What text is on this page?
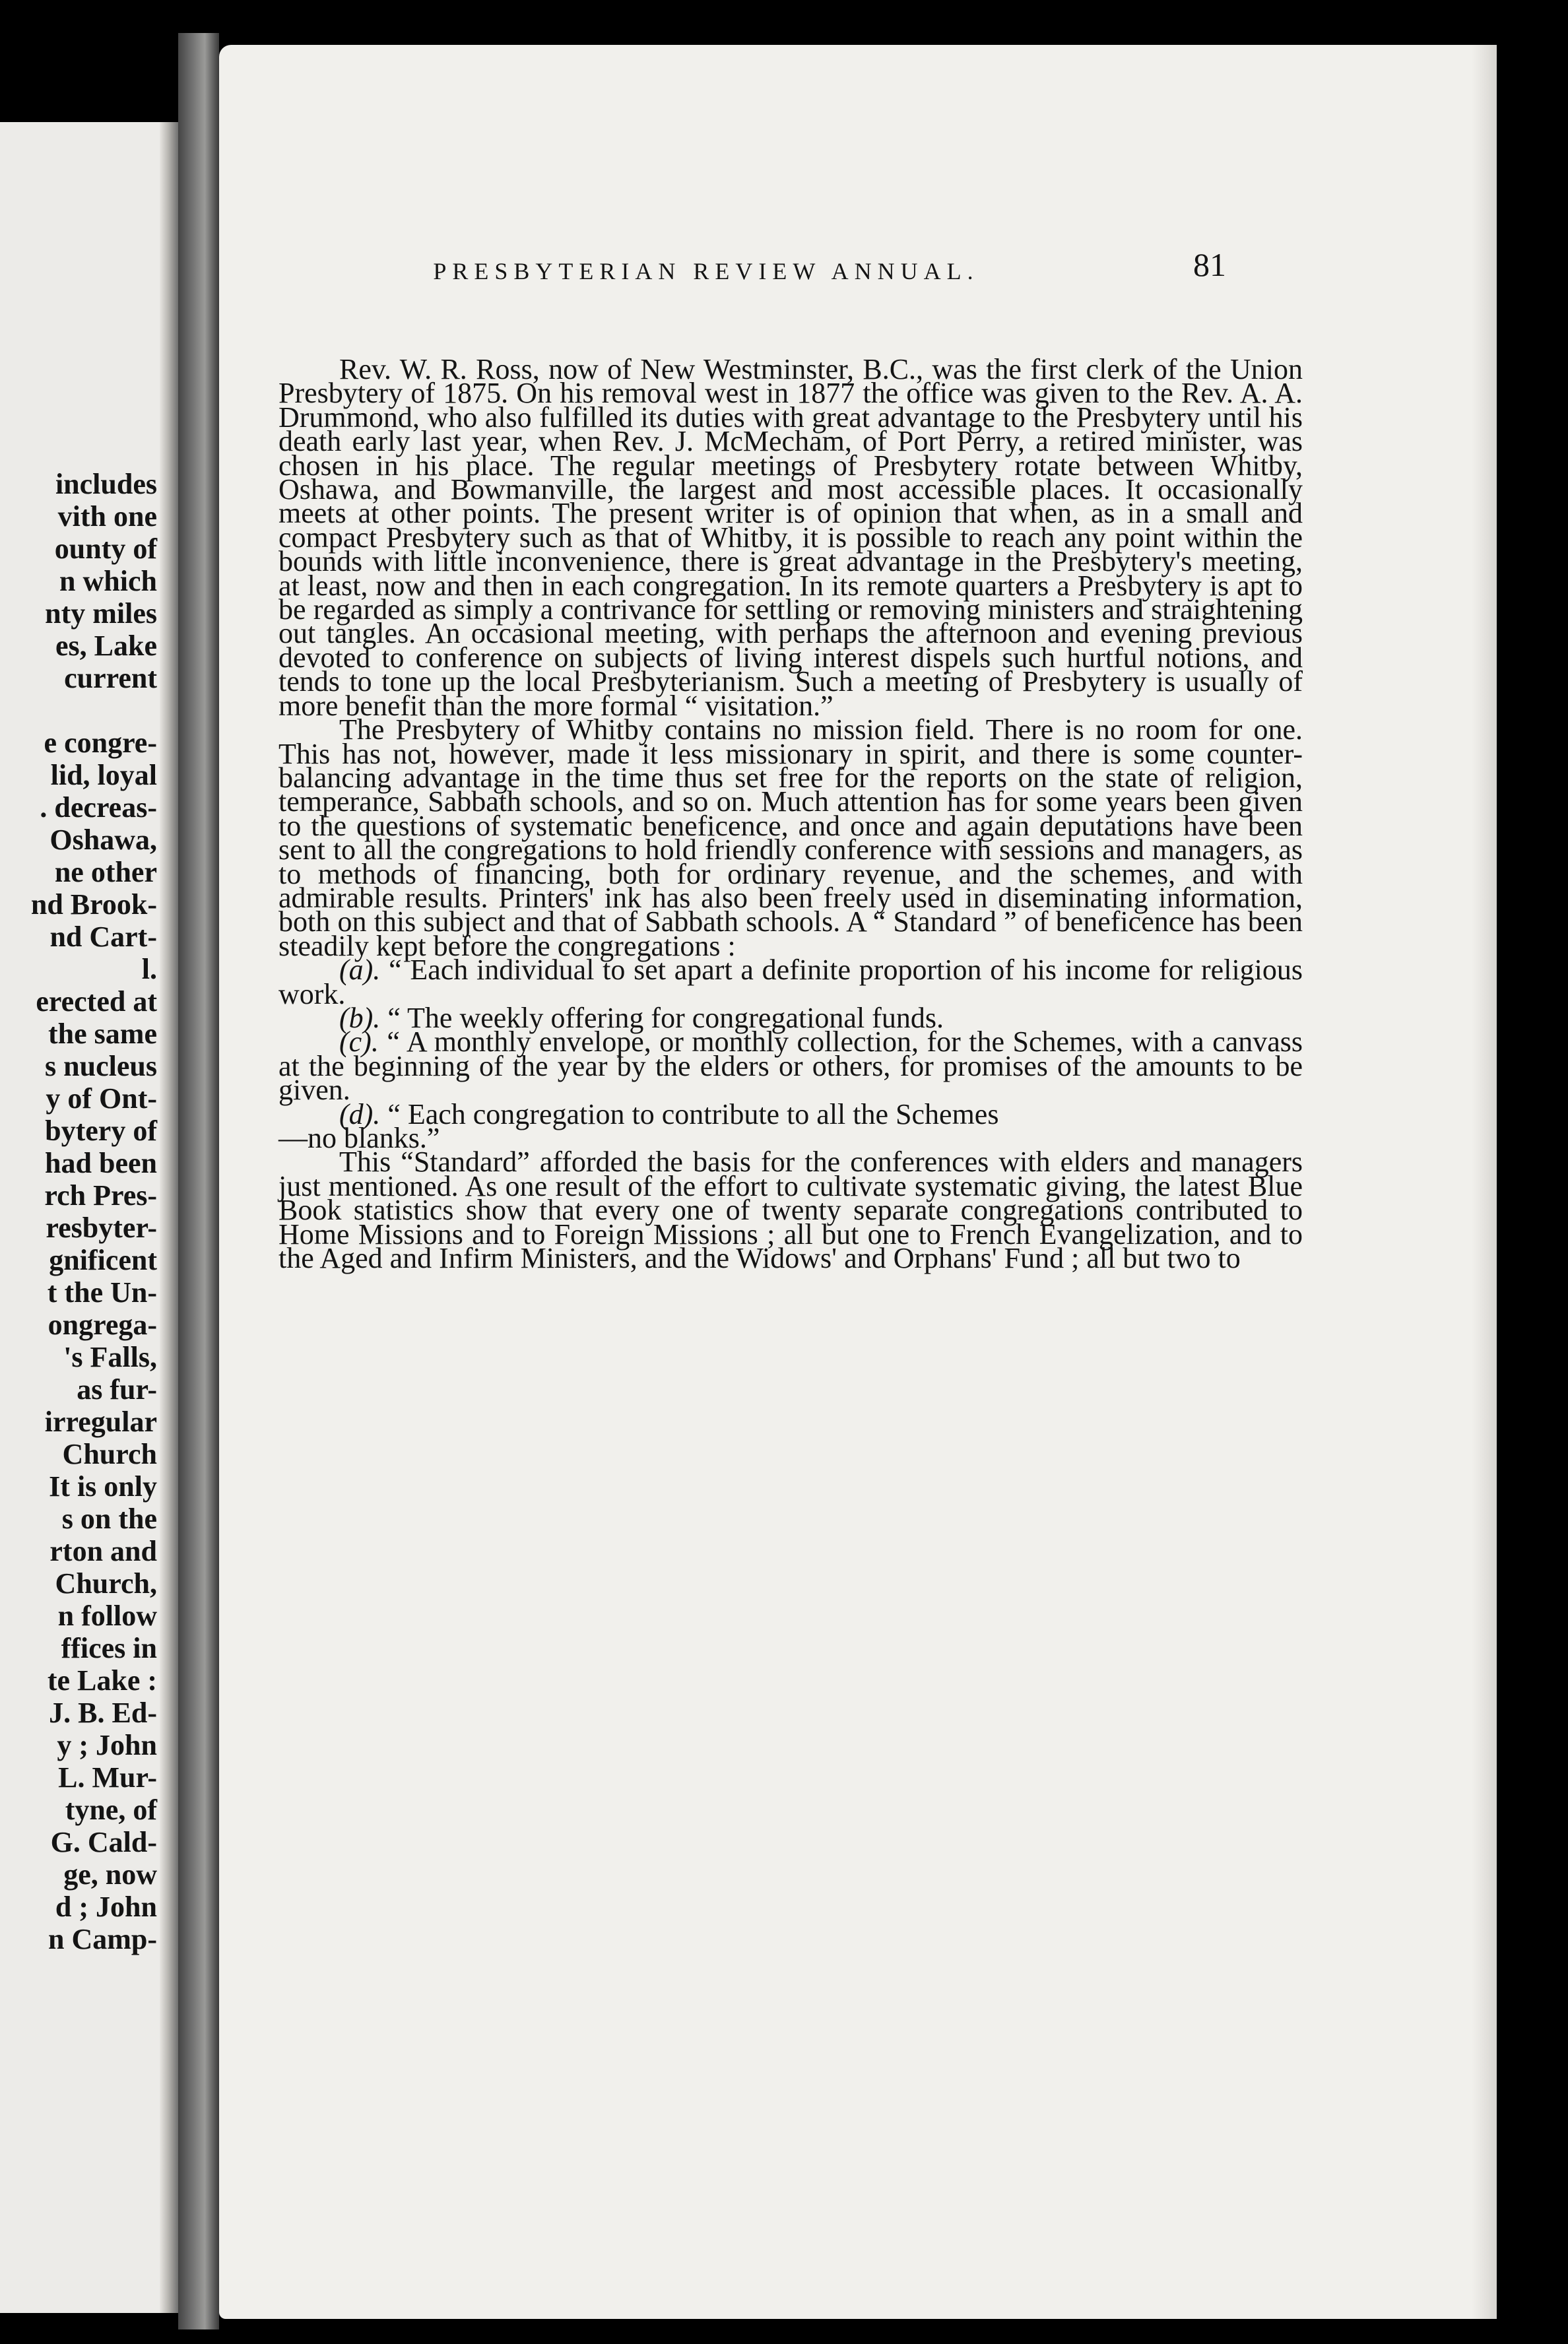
includes

vith one

ounty of

n which

nty miles

es, Lake

current

e congre-

lid, loyal

. decreas-

Oshawa,

ne other

nd Brook-

nd Cart-

l.

erected at

the same

s nucleus

y of Ont-

bytery of

had been

rch Pres-

resbyter-

gnificent

t the Un-

ongrega-

's Falls,

as fur-

irregular

Church

It is only

s on the

rton and

Church,

n follow

ffices in

te Lake :

J. B. Ed-

y ; John

L. Mur-

tyne, of

G. Cald-

ge, now

d ; John

n Camp-

PRESBYTERIAN REVIEW ANNUAL.	81

Rev. W. R. Ross, now of New Westminster, B.C., was the first clerk of the Union Presbytery of 1875. On his removal west in 1877 the office was given to the Rev. A. A. Drummond, who also fulfilled its duties with great advantage to the Presbytery until his death early last year, when Rev. J. McMecham, of Port Perry, a retired minister, was chosen in his place. The regular meetings of Presbytery rotate between Whitby, Oshawa, and Bowmanville, the largest and most accessible places. It occasionally meets at other points. The present writer is of opinion that when, as in a small and compact Presbytery such as that of Whitby, it is possible to reach any point within the bounds with little inconvenience, there is great advantage in the Presbytery's meeting, at least, now and then in each congregation. In its remote quarters a Presbytery is apt to be regarded as simply a contrivance for settling or removing ministers and straightening out tangles. An occasional meeting, with perhaps the afternoon and evening previous devoted to conference on subjects of living interest dispels such hurtful notions, and tends to tone up the local Presbyterianism. Such a meeting of Presbytery is usually of more benefit than the more formal “ visitation.”

The Presbytery of Whitby contains no mission field. There is no room for one. This has not, however, made it less missionary in spirit, and there is some counter-balancing advantage in the time thus set free for the reports on the state of religion, temperance, Sabbath schools, and so on. Much attention has for some years been given to the questions of systematic beneficence, and once and again deputations have been sent to all the congregations to hold friendly conference with sessions and managers, as to methods of financing, both for ordinary revenue, and the schemes, and with admirable results. Printers' ink has also been freely used in diseminating information, both on this subject and that of Sabbath schools. A “ Standard ” of beneficence has been steadily kept before the congregations :

(a). “ Each individual to set apart a definite proportion of his income for religious work.
(b). “ The weekly offering for congregational funds.
(c). “ A monthly envelope, or monthly collection, for the Schemes, with a canvass at the beginning of the year by the elders or others, for promises of the amounts to be given.
(d). “ Each congregation to contribute to all the Schemes
—no blanks.”

This “Standard” afforded the basis for the conferences with elders and managers just mentioned. As one result of the effort to cultivate systematic giving, the latest Blue Book statistics show that every one of twenty separate congregations contributed to Home Missions and to Foreign Missions ; all but one to French Evangelization, and to the Aged and Infirm Ministers, and the Widows' and Orphans' Fund ; all but two to
